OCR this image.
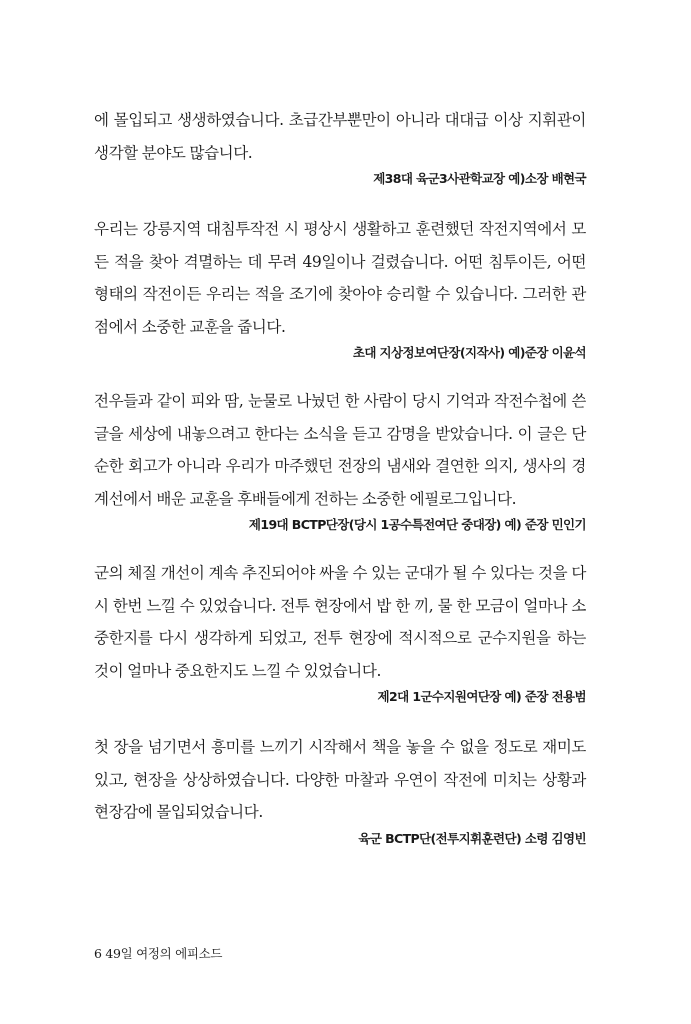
에 몰입되고 생생하였습니다. 초급간부뿐만이 아니라 대대급 이상 지휘관이 생각할 분야도 많습니다.

제38대 육군3사관학교장 예)소장 배현국

우리는 강릉지역 대침투작전 시 평상시 생활하고 훈련했던 작전지역에서 모든 적을 찾아 격멸하는 데 무려 49일이나 걸렸습니다. 어떤 침투이든, 어떤 형태의 작전이든 우리는 적을 조기에 찾아야 승리할 수 있습니다. 그러한 관점에서 소중한 교훈을 줍니다.

초대 지상정보여단장(지작사) 예)준장 이윤석

전우들과 같이 피와 땀, 눈물로 나눴던 한 사람이 당시 기억과 작전수첩에 쓴 글을 세상에 내놓으려고 한다는 소식을 듣고 감명을 받았습니다. 이 글은 단순한 회고가 아니라 우리가 마주했던 전장의 냄새와 결연한 의지, 생사의 경계선에서 배운 교훈을 후배들에게 전하는 소중한 에필로그입니다.

제19대 BCTP단장(당시 1공수특전여단 중대장) 예) 준장 민인기

군의 체질 개선이 계속 추진되어야 싸울 수 있는 군대가 될 수 있다는 것을 다시 한번 느낄 수 있었습니다. 전투 현장에서 밥 한 끼, 물 한 모금이 얼마나 소중한지를 다시 생각하게 되었고, 전투 현장에 적시적으로 군수지원을 하는 것이 얼마나 중요한지도 느낄 수 있었습니다.

제2대 1군수지원여단장 예) 준장 전용범

첫 장을 넘기면서 흥미를 느끼기 시작해서 책을 놓을 수 없을 정도로 재미도 있고, 현장을 상상하였습니다. 다양한 마찰과 우연이 작전에 미치는 상황과 현장감에 몰입되었습니다.

육군 BCTP단(전투지휘훈련단) 소령 김영빈

6 49일 여정의 에피소드
